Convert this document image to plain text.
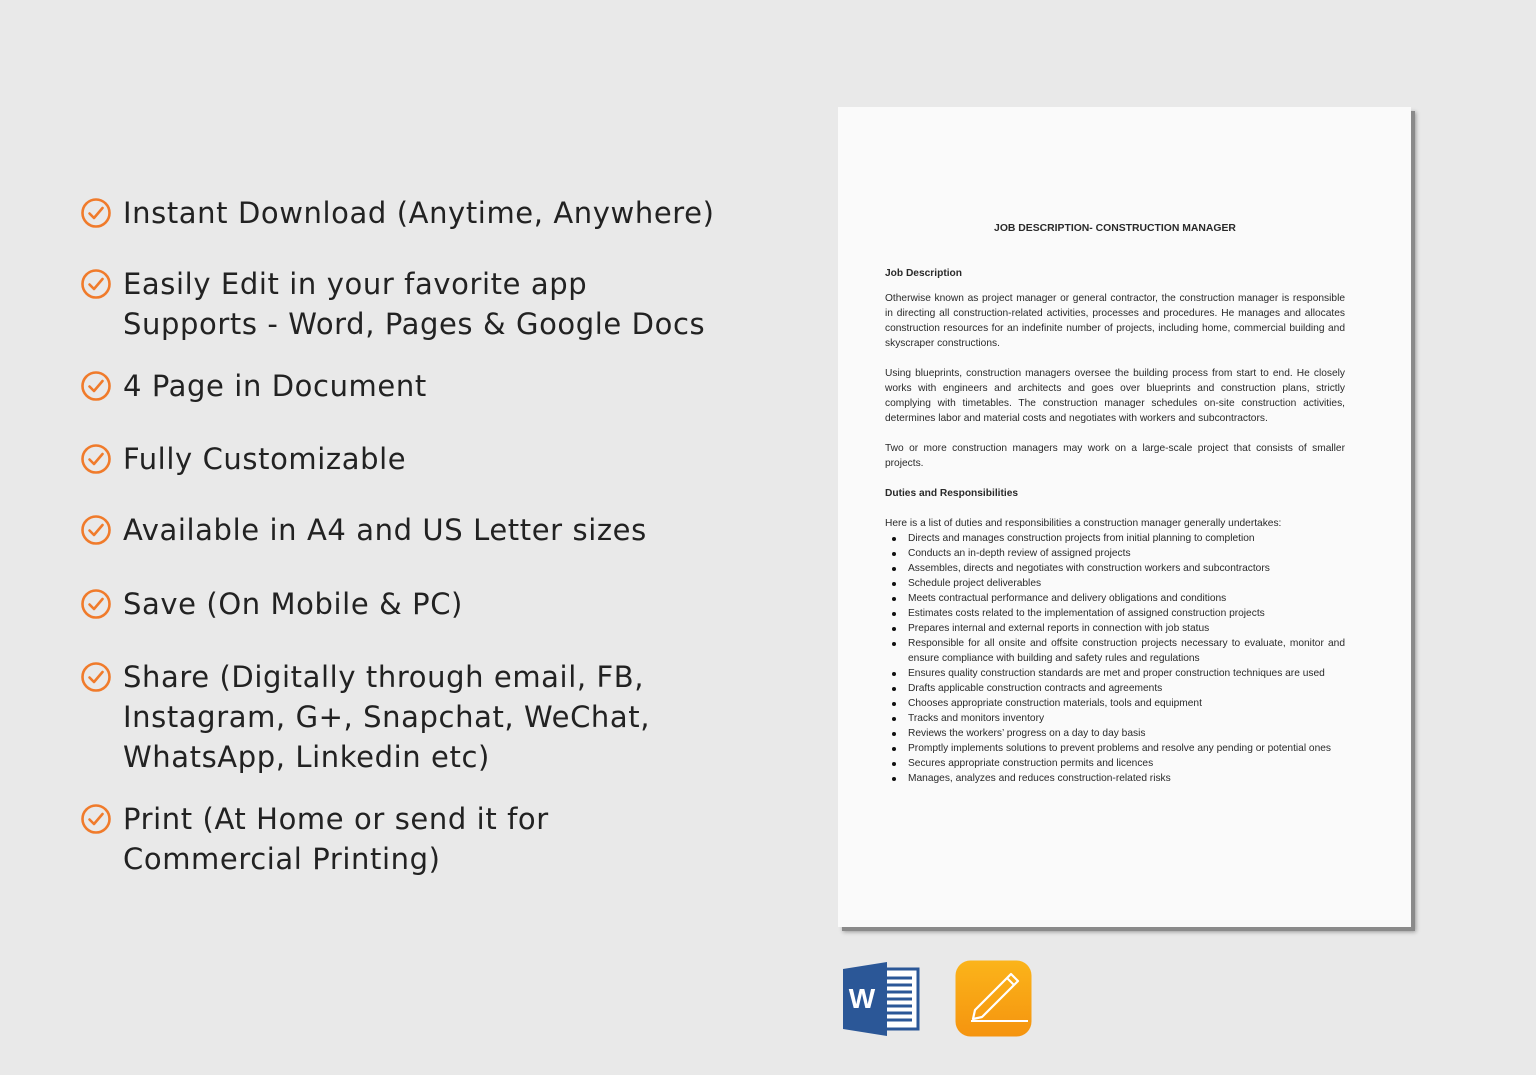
Instant Download (Anytime, Anywhere)
Easily Edit in your favorite app
Supports - Word, Pages & Google Docs
4 Page in Document
Fully Customizable
Available in A4 and US Letter sizes
Save (On Mobile & PC)
Share (Digitally through email, FB,
Instagram, G+, Snapchat, WeChat,
WhatsApp, Linkedin etc)
Print (At Home or send it for
Commercial Printing)
JOB DESCRIPTION- CONSTRUCTION MANAGER
Job Description

Otherwise known as project manager or general contractor, the construction manager is responsible in directing all construction-related activities, processes and procedures. He manages and allocates construction resources for an indefinite number of projects, including home, commercial building and skyscraper constructions.

Using blueprints, construction managers oversee the building process from start to end. He closely works with engineers and architects and goes over blueprints and construction plans, strictly complying with timetables. The construction manager schedules on-site construction activities, determines labor and material costs and negotiates with workers and subcontractors.

Two or more construction managers may work on a large-scale project that consists of smaller projects.

Duties and Responsibilities
Here is a list of duties and responsibilities a construction manager generally undertakes:
Directs and manages construction projects from initial planning to completion
Conducts an in-depth review of assigned projects
Assembles, directs and negotiates with construction workers and subcontractors
Schedule project deliverables
Meets contractual performance and delivery obligations and conditions
Estimates costs related to the implementation of assigned construction projects
Prepares internal and external reports in connection with job status
Responsible for all onsite and offsite construction projects necessary to evaluate, monitor and ensure compliance with building and safety rules and regulations
Ensures quality construction standards are met and proper construction techniques are used
Drafts applicable construction contracts and agreements
Chooses appropriate construction materials, tools and equipment
Tracks and monitors inventory
Reviews the workers’ progress on a day to day basis
Promptly implements solutions to prevent problems and resolve any pending or potential ones
Secures appropriate construction permits and licences
Manages, analyzes and reduces construction-related risks
W
